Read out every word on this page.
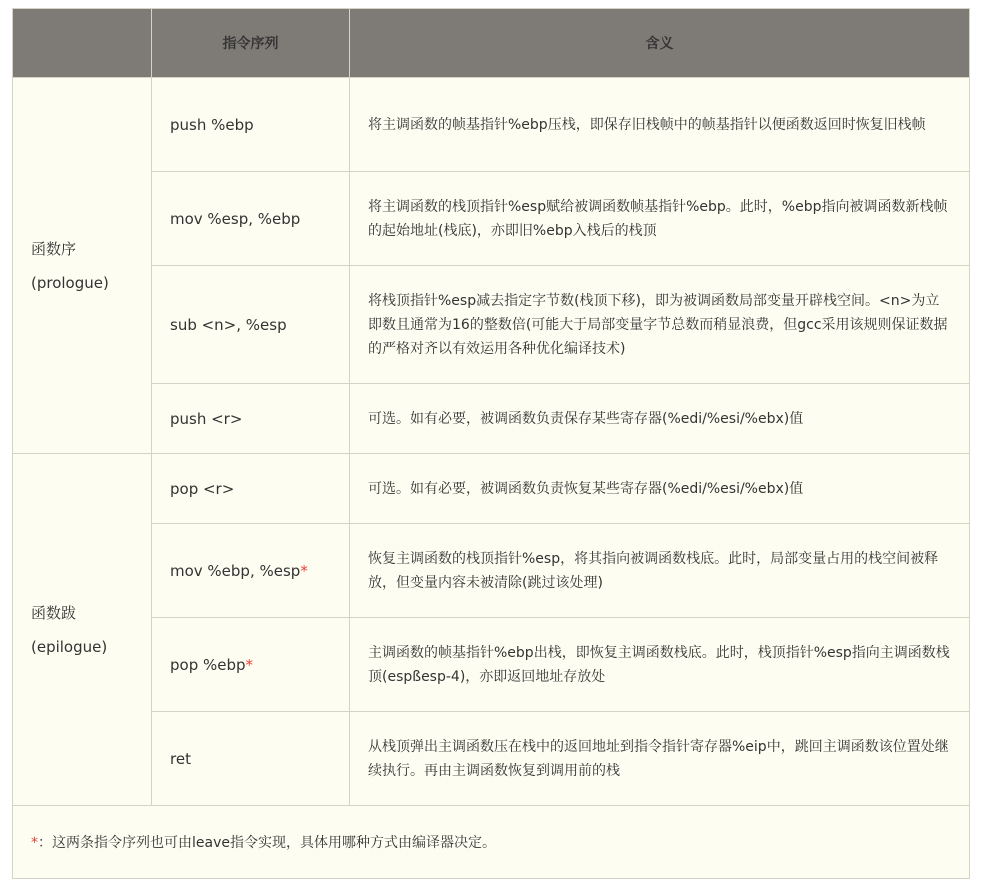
	指令序列	含义

函数序
(prologue)	push %ebp	将主调函数的帧基指针%ebp压栈，即保存旧栈帧中的帧基指针以便函数返回时恢复旧栈帧
	mov %esp, %ebp	将主调函数的栈顶指针%esp赋给被调函数帧基指针%ebp。此时，%ebp指向被调函数新栈帧的起始地址(栈底)，亦即旧%ebp入栈后的栈顶
	sub <n>, %esp	将栈顶指针%esp减去指定字节数(栈顶下移)，即为被调函数局部变量开辟栈空间。<n>为立即数且通常为16的整数倍(可能大于局部变量字节总数而稍显浪费，但gcc采用该规则保证数据的严格对齐以有效运用各种优化编译技术)
	push <r>	可选。如有必要，被调函数负责保存某些寄存器(%edi/%esi/%ebx)值

函数跋
(epilogue)	pop <r>	可选。如有必要，被调函数负责恢复某些寄存器(%edi/%esi/%ebx)值
	mov %ebp, %esp*	恢复主调函数的栈顶指针%esp，将其指向被调函数栈底。此时，局部变量占用的栈空间被释放，但变量内容未被清除(跳过该处理)
	pop %ebp*	主调函数的帧基指针%ebp出栈，即恢复主调函数栈底。此时，栈顶指针%esp指向主调函数栈顶(espßesp-4)，亦即返回地址存放处
	ret	从栈顶弹出主调函数压在栈中的返回地址到指令指针寄存器%eip中，跳回主调函数该位置处继续执行。再由主调函数恢复到调用前的栈
*：这两条指令序列也可由leave指令实现，具体用哪种方式由编译器决定。		
